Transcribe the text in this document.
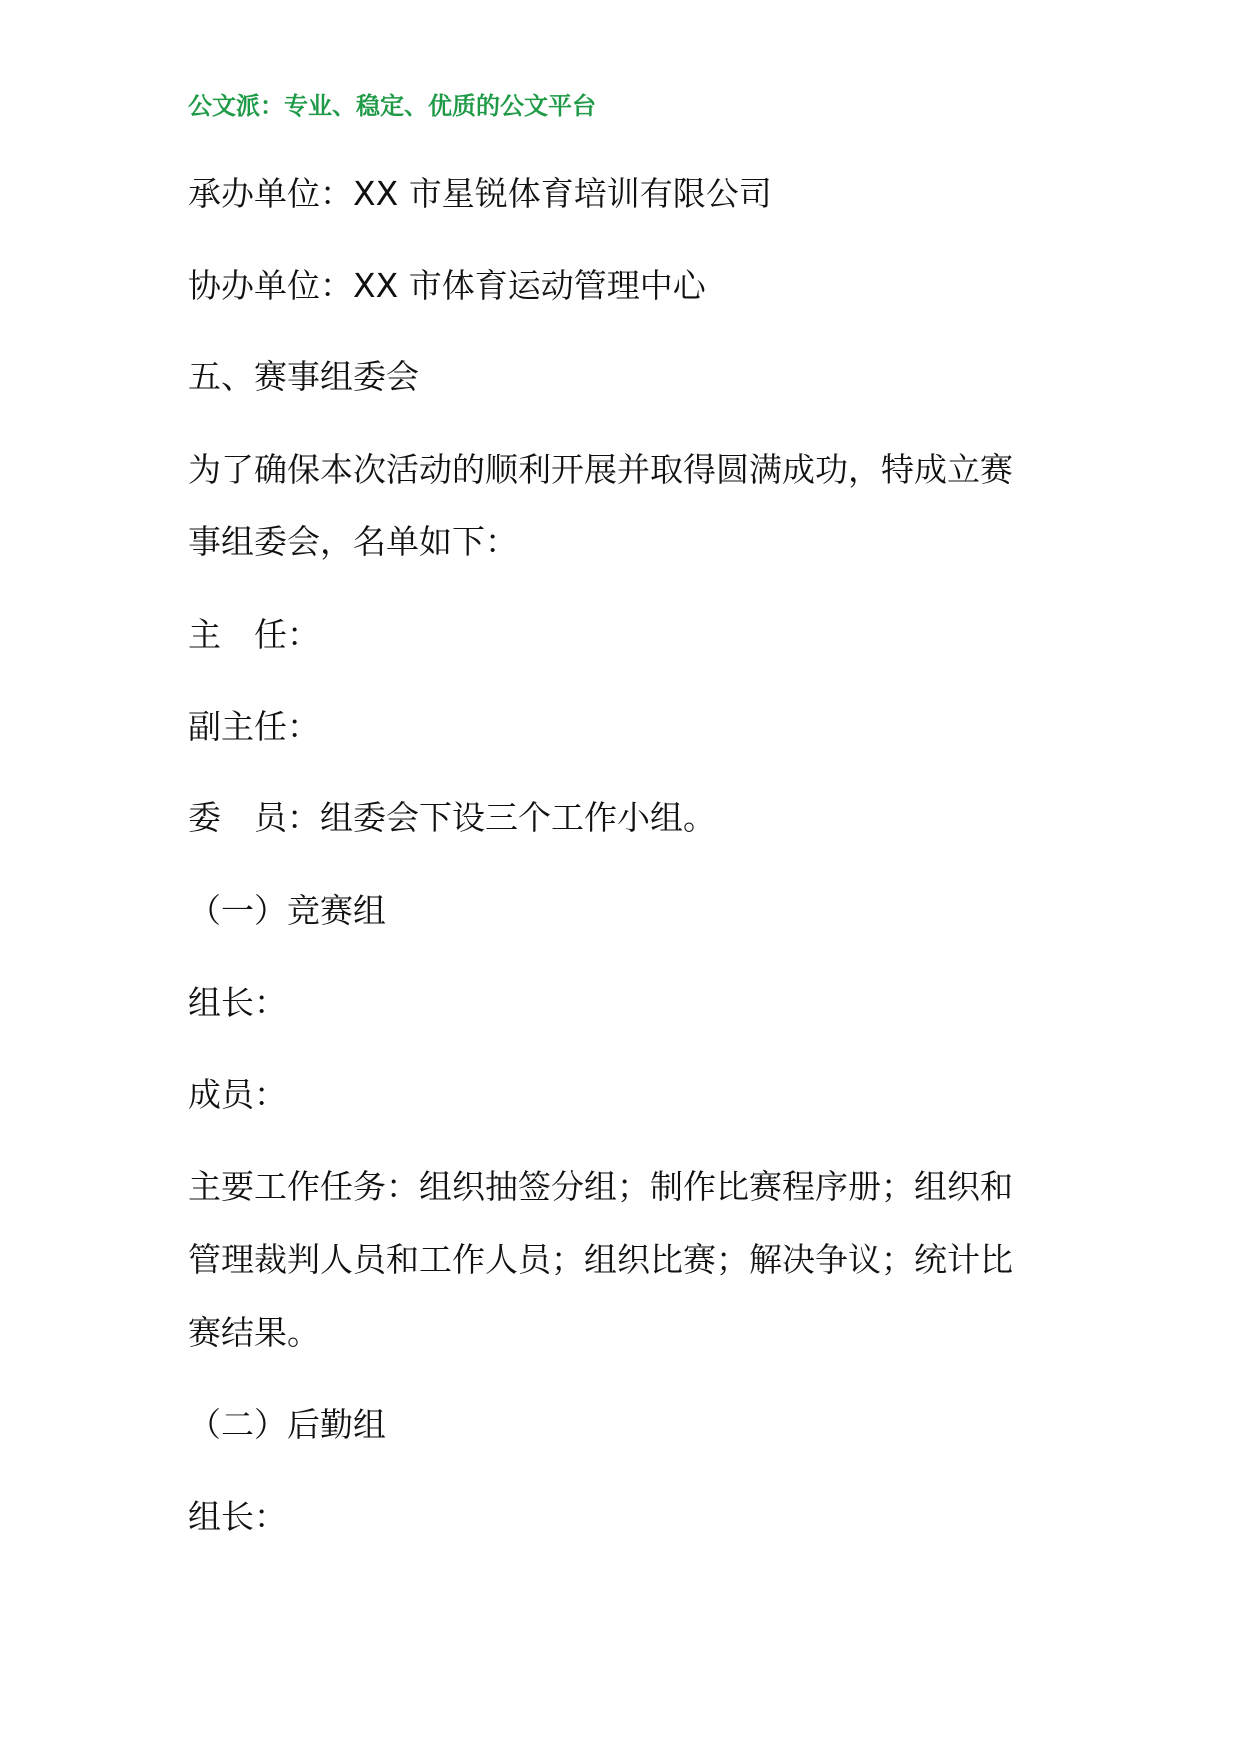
公文派：专业、稳定、优质的公文平台
承办单位：XX 市星锐体育培训有限公司
协办单位：XX 市体育运动管理中心
五、赛事组委会
为了确保本次活动的顺利开展并取得圆满成功，特成立赛
事组委会，名单如下：
主　任：
副主任：
委　员：组委会下设三个工作小组。
（一）竞赛组
组长：
成员：
主要工作任务：组织抽签分组；制作比赛程序册；组织和
管理裁判人员和工作人员；组织比赛；解决争议；统计比
赛结果。
（二）后勤组
组长：
